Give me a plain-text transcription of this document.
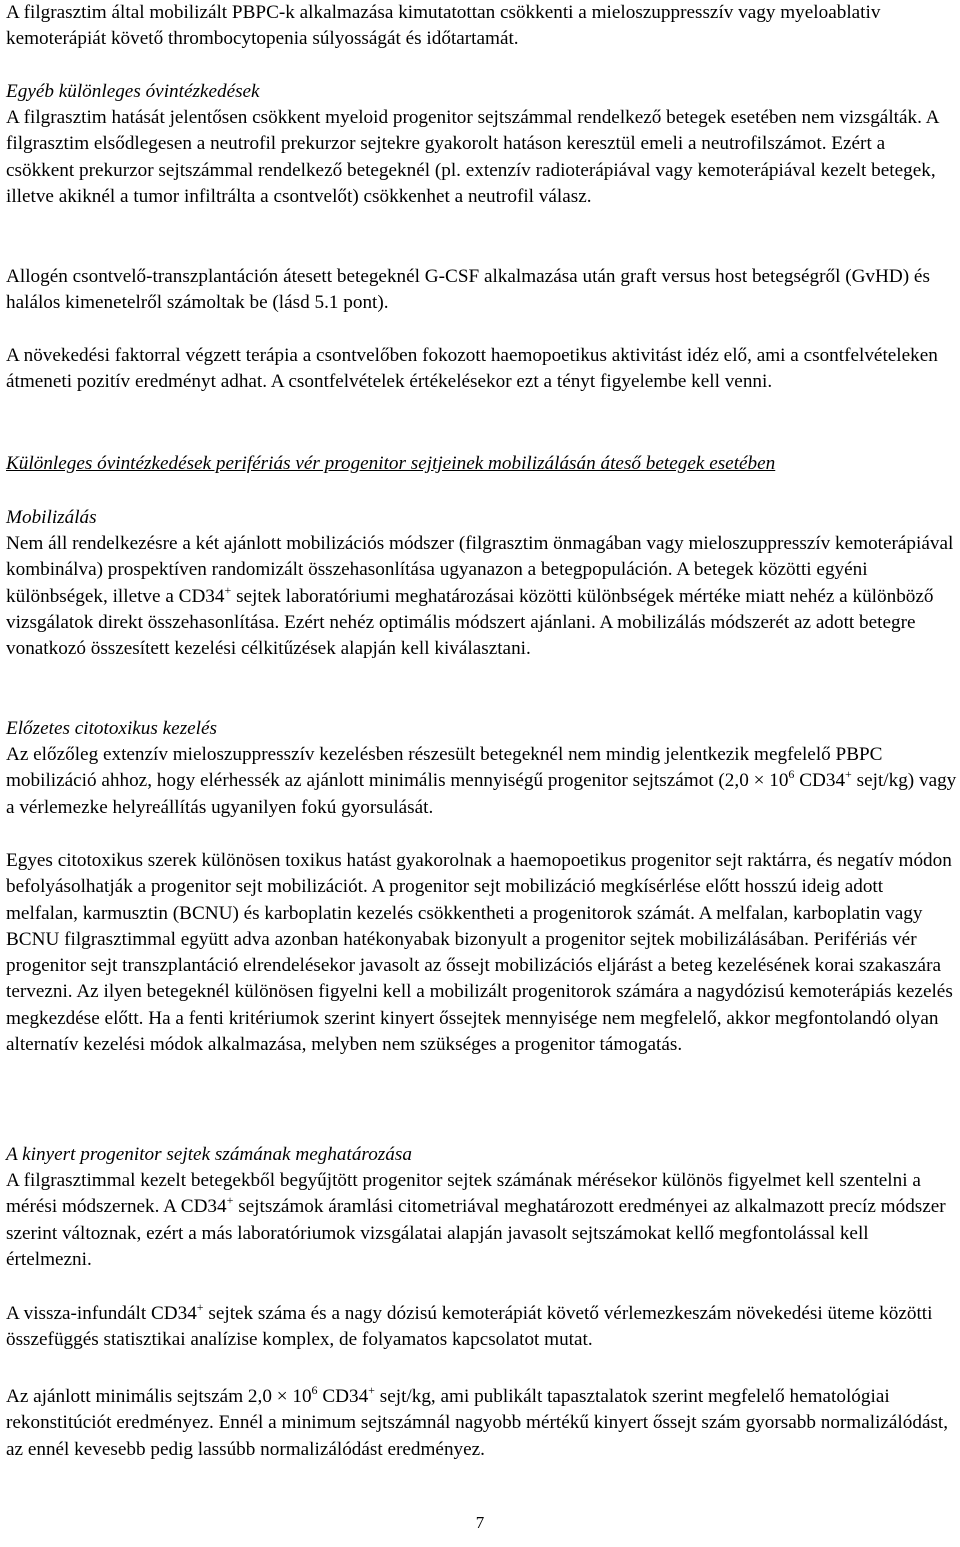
A filgrasztim által mobilizált PBPC-k alkalmazása kimutatottan csökkenti a mieloszuppresszív vagy myeloablativ kemoterápiát követő thrombocytopenia súlyosságát és időtartamát.

Egyéb különleges óvintézkedések

A filgrasztim hatását jelentősen csökkent myeloid progenitor sejtszámmal rendelkező betegek esetében nem vizsgálták. A filgrasztim elsődlegesen a neutrofil prekurzor sejtekre gyakorolt hatáson keresztül emeli a neutrofilszámot. Ezért a csökkent prekurzor sejtszámmal rendelkező betegeknél (pl. extenzív radioterápiával vagy kemoterápiával kezelt betegek, illetve akiknél a tumor infiltrálta a csontvelőt) csökkenhet a neutrofil válasz.

Allogén csontvelő-transzplantáción átesett betegeknél G-CSF alkalmazása után graft versus host betegségről (GvHD) és halálos kimenetelről számoltak be (lásd 5.1 pont).

A növekedési faktorral végzett terápia a csontvelőben fokozott haemopoetikus aktivitást idéz elő, ami a csontfelvételeken átmeneti pozitív eredményt adhat. A csontfelvételek értékelésekor ezt a tényt figyelembe kell venni.

Különleges óvintézkedések perifériás vér progenitor sejtjeinek mobilizálásán áteső betegek esetében

Mobilizálás

Nem áll rendelkezésre a két ajánlott mobilizációs módszer (filgrasztim önmagában vagy mieloszuppresszív kemoterápiával kombinálva) prospektíven randomizált összehasonlítása ugyanazon a betegpopuláción. A betegek közötti egyéni különbségek, illetve a CD34+ sejtek laboratóriumi meghatározásai közötti különbségek mértéke miatt nehéz a különböző vizsgálatok direkt összehasonlítása. Ezért nehéz optimális módszert ajánlani. A mobilizálás módszerét az adott betegre vonatkozó összesített kezelési célkitűzések alapján kell kiválasztani.

Előzetes citotoxikus kezelés

Az előzőleg extenzív mieloszuppresszív kezelésben részesült betegeknél nem mindig jelentkezik megfelelő PBPC mobilizáció ahhoz, hogy elérhessék az ajánlott minimális mennyiségű progenitor sejtszámot ($2,0 \times 10^6$ CD34+ sejt/kg) vagy a vérlemezke helyreállítás ugyanilyen fokú gyorsulását.

Egyes citotoxikus szerek különösen toxikus hatást gyakorolnak a haemopoetikus progenitor sejt raktárra, és negatív módon befolyásolhatják a progenitor sejt mobilizációt. A progenitor sejt mobilizáció megkísérlése előtt hosszú ideig adott melfalan, karmusztin (BCNU) és karboplatin kezelés csökkentheti a progenitorok számát. A melfalan, karboplatin vagy BCNU filgrasztimmal együtt adva azonban hatékonyabak bizonyult a progenitor sejtek mobilizálásában. Perifériás vér progenitor sejt transzplantáció elrendelésekor javasolt az őssejt mobilizációs eljárást a beteg kezelésének korai szakaszára tervezni. Az ilyen betegeknél különösen figyelni kell a mobilizált progenitorok számára a nagydózisú kemoterápiás kezelés megkezdése előtt. Ha a fenti kritériumok szerint kinyert őssejtek mennyisége nem megfelelő, akkor megfontolandó olyan alternatív kezelési módok alkalmazása, melyben nem szükséges a progenitor támogatás.

A kinyert progenitor sejtek számának meghatározása

A filgrasztimmal kezelt betegekből begyűjtött progenitor sejtek számának mérésekor különös figyelmet kell szentelni a mérési módszernek. A CD34+ sejtszámok áramlási citometriával meghatározott eredményei az alkalmazott precíz módszer szerint változnak, ezért a más laboratóriumok vizsgálatai alapján javasolt sejtszámokat kellő megfontolással kell értelmezni.

A vissza-infundált CD34+ sejtek száma és a nagy dózisú kemoterápiát követő vérlemezkeszám növekedési üteme közötti összefüggés statisztikai analízise komplex, de folyamatos kapcsolatot mutat.

Az ajánlott minimális sejtszám $2,0 \times 10^6$ CD34+ sejt/kg, ami publikált tapasztalatok szerint megfelelő hematológiai rekonstitúciót eredményez. Ennél a minimum sejtszámnál nagyobb mértékű kinyert őssejt szám gyorsabb normalizálódást, az ennél kevesebb pedig lassúbb normalizálódást eredményez.

7
